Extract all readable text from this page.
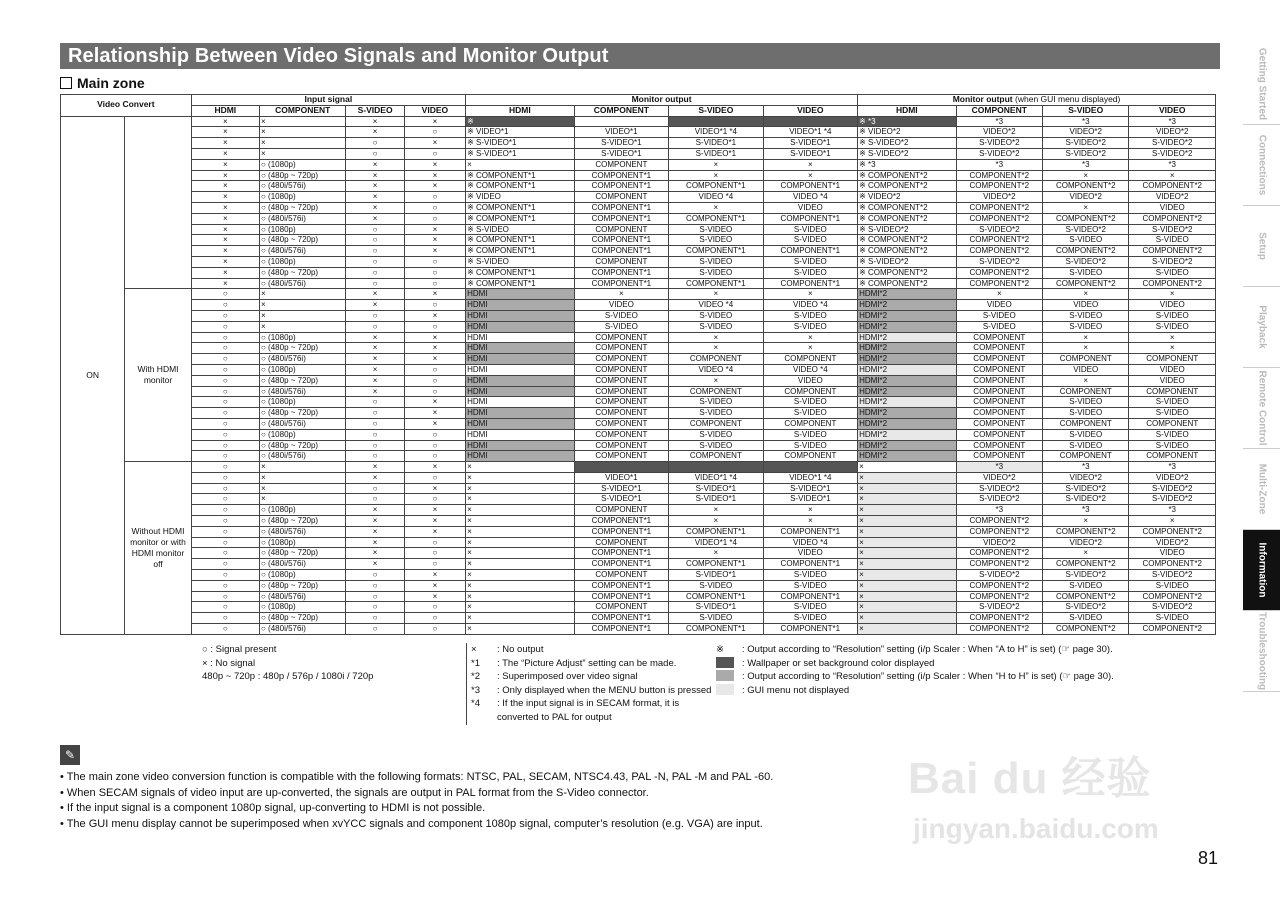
Relationship Between Video Signals and Monitor Output
Main zone
Video Convert		Input signal				Monitor output				Monitor output (when GUI menu displayed)			
		HDMI	COMPONENT	S-VIDEO	VIDEO	HDMI	COMPONENT	S-VIDEO	VIDEO	HDMI	COMPONENT	S-VIDEO	VIDEO
ON		×	×	×	×	※				※ *3	*3	*3	*3
		×	×	×	○	※ VIDEO*1	VIDEO*1	VIDEO*1 *4	VIDEO*1 *4	※ VIDEO*2	VIDEO*2	VIDEO*2	VIDEO*2
		×	×	○	×	※ S-VIDEO*1	S-VIDEO*1	S-VIDEO*1	S-VIDEO*1	※ S-VIDEO*2	S-VIDEO*2	S-VIDEO*2	S-VIDEO*2
		×	×	○	○	※ S-VIDEO*1	S-VIDEO*1	S-VIDEO*1	S-VIDEO*1	※ S-VIDEO*2	S-VIDEO*2	S-VIDEO*2	S-VIDEO*2
		×	○ (1080p)	×	×	×	COMPONENT	×	×	※ *3	*3	*3	*3
		×	○ (480p ~ 720p)	×	×	※ COMPONENT*1	COMPONENT*1	×	×	※ COMPONENT*2	COMPONENT*2	×	×
		×	○ (480i/576i)	×	×	※ COMPONENT*1	COMPONENT*1	COMPONENT*1	COMPONENT*1	※ COMPONENT*2	COMPONENT*2	COMPONENT*2	COMPONENT*2
		×	○ (1080p)	×	○	※ VIDEO	COMPONENT	VIDEO *4	VIDEO *4	※ VIDEO*2	VIDEO*2	VIDEO*2	VIDEO*2
		×	○ (480p ~ 720p)	×	○	※ COMPONENT*1	COMPONENT*1	×	VIDEO	※ COMPONENT*2	COMPONENT*2	×	VIDEO
		×	○ (480i/576i)	×	○	※ COMPONENT*1	COMPONENT*1	COMPONENT*1	COMPONENT*1	※ COMPONENT*2	COMPONENT*2	COMPONENT*2	COMPONENT*2
		×	○ (1080p)	○	×	※ S-VIDEO	COMPONENT	S-VIDEO	S-VIDEO	※ S-VIDEO*2	S-VIDEO*2	S-VIDEO*2	S-VIDEO*2
		×	○ (480p ~ 720p)	○	×	※ COMPONENT*1	COMPONENT*1	S-VIDEO	S-VIDEO	※ COMPONENT*2	COMPONENT*2	S-VIDEO	S-VIDEO
		×	○ (480i/576i)	○	×	※ COMPONENT*1	COMPONENT*1	COMPONENT*1	COMPONENT*1	※ COMPONENT*2	COMPONENT*2	COMPONENT*2	COMPONENT*2
		×	○ (1080p)	○	○	※ S-VIDEO	COMPONENT	S-VIDEO	S-VIDEO	※ S-VIDEO*2	S-VIDEO*2	S-VIDEO*2	S-VIDEO*2
		×	○ (480p ~ 720p)	○	○	※ COMPONENT*1	COMPONENT*1	S-VIDEO	S-VIDEO	※ COMPONENT*2	COMPONENT*2	S-VIDEO	S-VIDEO
		×	○ (480i/576i)	○	○	※ COMPONENT*1	COMPONENT*1	COMPONENT*1	COMPONENT*1	※ COMPONENT*2	COMPONENT*2	COMPONENT*2	COMPONENT*2
	With HDMI monitor	○	×	×	×	HDMI	×	×	×	HDMI*2	×	×	×
		○	×	×	○	HDMI	VIDEO	VIDEO *4	VIDEO *4	HDMI*2	VIDEO	VIDEO	VIDEO
		○	×	○	×	HDMI	S-VIDEO	S-VIDEO	S-VIDEO	HDMI*2	S-VIDEO	S-VIDEO	S-VIDEO
		○	×	○	○	HDMI	S-VIDEO	S-VIDEO	S-VIDEO	HDMI*2	S-VIDEO	S-VIDEO	S-VIDEO
		○	○ (1080p)	×	×	HDMI	COMPONENT	×	×	HDMI*2	COMPONENT	×	×
		○	○ (480p ~ 720p)	×	×	HDMI	COMPONENT	×	×	HDMI*2	COMPONENT	×	×
		○	○ (480i/576i)	×	×	HDMI	COMPONENT	COMPONENT	COMPONENT	HDMI*2	COMPONENT	COMPONENT	COMPONENT
		○	○ (1080p)	×	○	HDMI	COMPONENT	VIDEO *4	VIDEO *4	HDMI*2	COMPONENT	VIDEO	VIDEO
		○	○ (480p ~ 720p)	×	○	HDMI	COMPONENT	×	VIDEO	HDMI*2	COMPONENT	×	VIDEO
		○	○ (480i/576i)	×	○	HDMI	COMPONENT	COMPONENT	COMPONENT	HDMI*2	COMPONENT	COMPONENT	COMPONENT
		○	○ (1080p)	○	×	HDMI	COMPONENT	S-VIDEO	S-VIDEO	HDMI*2	COMPONENT	S-VIDEO	S-VIDEO
		○	○ (480p ~ 720p)	○	×	HDMI	COMPONENT	S-VIDEO	S-VIDEO	HDMI*2	COMPONENT	S-VIDEO	S-VIDEO
		○	○ (480i/576i)	○	×	HDMI	COMPONENT	COMPONENT	COMPONENT	HDMI*2	COMPONENT	COMPONENT	COMPONENT
		○	○ (1080p)	○	○	HDMI	COMPONENT	S-VIDEO	S-VIDEO	HDMI*2	COMPONENT	S-VIDEO	S-VIDEO
		○	○ (480p ~ 720p)	○	○	HDMI	COMPONENT	S-VIDEO	S-VIDEO	HDMI*2	COMPONENT	S-VIDEO	S-VIDEO
		○	○ (480i/576i)	○	○	HDMI	COMPONENT	COMPONENT	COMPONENT	HDMI*2	COMPONENT	COMPONENT	COMPONENT
	Without HDMI monitor or with HDMI monitor off	○	×	×	×	×				×	*3	*3	*3
		○	×	×	○	×	VIDEO*1	VIDEO*1 *4	VIDEO*1 *4	×	VIDEO*2	VIDEO*2	VIDEO*2
		○	×	○	×	×	S-VIDEO*1	S-VIDEO*1	S-VIDEO*1	×	S-VIDEO*2	S-VIDEO*2	S-VIDEO*2
		○	×	○	○	×	S-VIDEO*1	S-VIDEO*1	S-VIDEO*1	×	S-VIDEO*2	S-VIDEO*2	S-VIDEO*2
		○	○ (1080p)	×	×	×	COMPONENT	×	×	×	*3	*3	*3
		○	○ (480p ~ 720p)	×	×	×	COMPONENT*1	×	×	×	COMPONENT*2	×	×
		○	○ (480i/576i)	×	×	×	COMPONENT*1	COMPONENT*1	COMPONENT*1	×	COMPONENT*2	COMPONENT*2	COMPONENT*2
		○	○ (1080p)	×	○	×	COMPONENT	VIDEO*1 *4	VIDEO *4	×	VIDEO*2	VIDEO*2	VIDEO*2
		○	○ (480p ~ 720p)	×	○	×	COMPONENT*1	×	VIDEO	×	COMPONENT*2	×	VIDEO
		○	○ (480i/576i)	×	○	×	COMPONENT*1	COMPONENT*1	COMPONENT*1	×	COMPONENT*2	COMPONENT*2	COMPONENT*2
		○	○ (1080p)	○	×	×	COMPONENT	S-VIDEO*1	S-VIDEO	×	S-VIDEO*2	S-VIDEO*2	S-VIDEO*2
		○	○ (480p ~ 720p)	○	×	×	COMPONENT*1	S-VIDEO	S-VIDEO	×	COMPONENT*2	S-VIDEO	S-VIDEO
		○	○ (480i/576i)	○	×	×	COMPONENT*1	COMPONENT*1	COMPONENT*1	×	COMPONENT*2	COMPONENT*2	COMPONENT*2
		○	○ (1080p)	○	○	×	COMPONENT	S-VIDEO*1	S-VIDEO	×	S-VIDEO*2	S-VIDEO*2	S-VIDEO*2
		○	○ (480p ~ 720p)	○	○	×	COMPONENT*1	S-VIDEO	S-VIDEO	×	COMPONENT*2	S-VIDEO	S-VIDEO
		○	○ (480i/576i)	○	○	×	COMPONENT*1	COMPONENT*1	COMPONENT*1	×	COMPONENT*2	COMPONENT*2	COMPONENT*2
○ : Signal present
× : No signal
480p ~ 720p : 480p / 576p / 1080i / 720p
×	: No output
*1	: The “Picture Adjust” setting can be made.
*2	: Superimposed over video signal
*3	: Only displayed when the MENU button is pressed
*4	: If the input signal is in SECAM format, it is converted to PAL for output
※	: Output according to “Resolution” setting (i/p Scaler : When “A to H” is set) (☞ page 30).
: Wallpaper or set background color displayed
: Output according to “Resolution” setting (i/p Scaler : When “H to H” is set) (☞ page 30).
: GUI menu not displayed
✎
• The main zone video conversion function is compatible with the following formats: NTSC, PAL, SECAM, NTSC4.43, PAL -N, PAL -M and PAL -60.
• When SECAM signals of video input are up-converted, the signals are output in PAL format from the S-Video connector.
• If the input signal is a component 1080p signal, up-converting to HDMI is not possible.
• The GUI menu display cannot be superimposed when xvYCC signals and component 1080p signal, computer’s resolution (e.g. VGA) are input.
Bai du 经验
jingyan.baidu.com
81
Getting Started
Connections
Setup
Playback
Remote Control
Multi-Zone
Information
Troubleshooting
